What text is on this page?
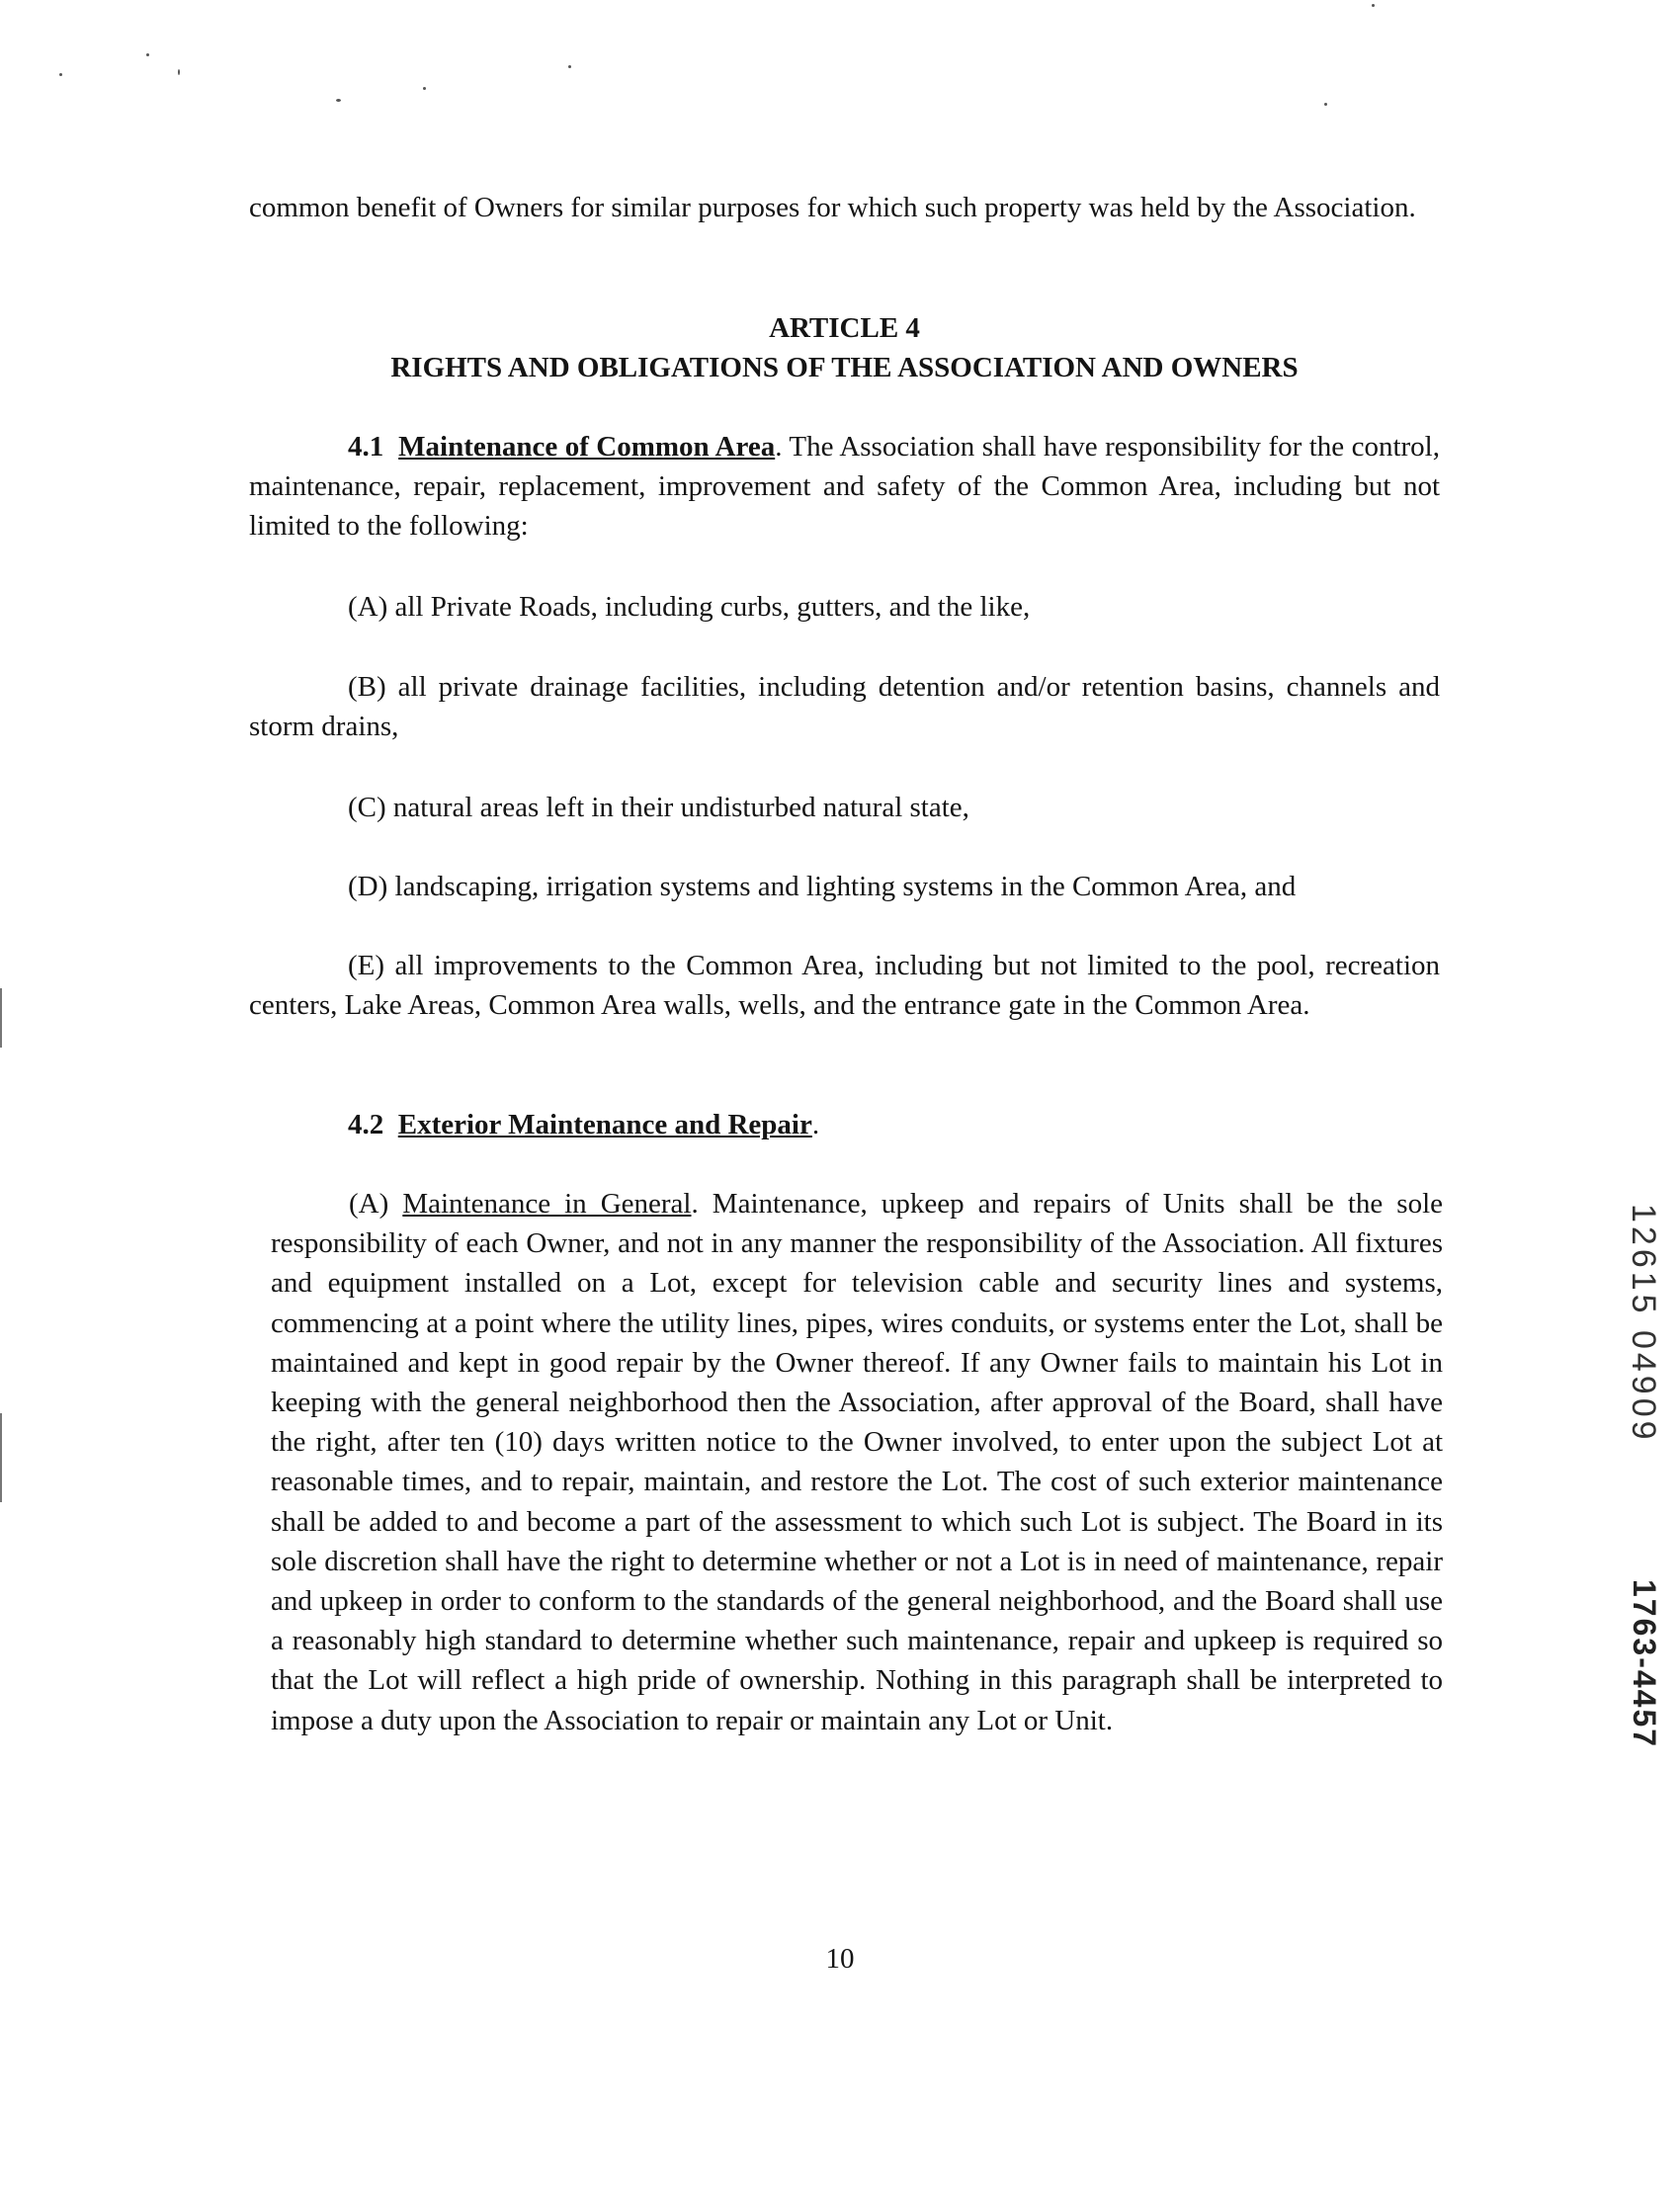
common benefit of Owners for similar purposes for which such property was held by the Association.

ARTICLE 4

RIGHTS AND OBLIGATIONS OF THE ASSOCIATION AND OWNERS

4.1 Maintenance of Common Area. The Association shall have responsibility for the control, maintenance, repair, replacement, improvement and safety of the Common Area, including but not limited to the following:

(A) all Private Roads, including curbs, gutters, and the like,

(B) all private drainage facilities, including detention and/or retention basins, channels and storm drains,

(C) natural areas left in their undisturbed natural state,

(D) landscaping, irrigation systems and lighting systems in the Common Area, and

(E) all improvements to the Common Area, including but not limited to the pool, recreation centers, Lake Areas, Common Area walls, wells, and the entrance gate in the Common Area.

4.2 Exterior Maintenance and Repair.

(A) Maintenance in General. Maintenance, upkeep and repairs of Units shall be the sole responsibility of each Owner, and not in any manner the responsibility of the Association. All fixtures and equipment installed on a Lot, except for television cable and security lines and systems, commencing at a point where the utility lines, pipes, wires conduits, or systems enter the Lot, shall be maintained and kept in good repair by the Owner thereof. If any Owner fails to maintain his Lot in keeping with the general neighborhood then the Association, after approval of the Board, shall have the right, after ten (10) days written notice to the Owner involved, to enter upon the subject Lot at reasonable times, and to repair, maintain, and restore the Lot. The cost of such exterior maintenance shall be added to and become a part of the assessment to which such Lot is subject. The Board in its sole discretion shall have the right to determine whether or not a Lot is in need of maintenance, repair and upkeep in order to conform to the standards of the general neighborhood, and the Board shall use a reasonably high standard to determine whether such maintenance, repair and upkeep is required so that the Lot will reflect a high pride of ownership. Nothing in this paragraph shall be interpreted to impose a duty upon the Association to repair or maintain any Lot or Unit.

10
12615 04909
1763-4457
